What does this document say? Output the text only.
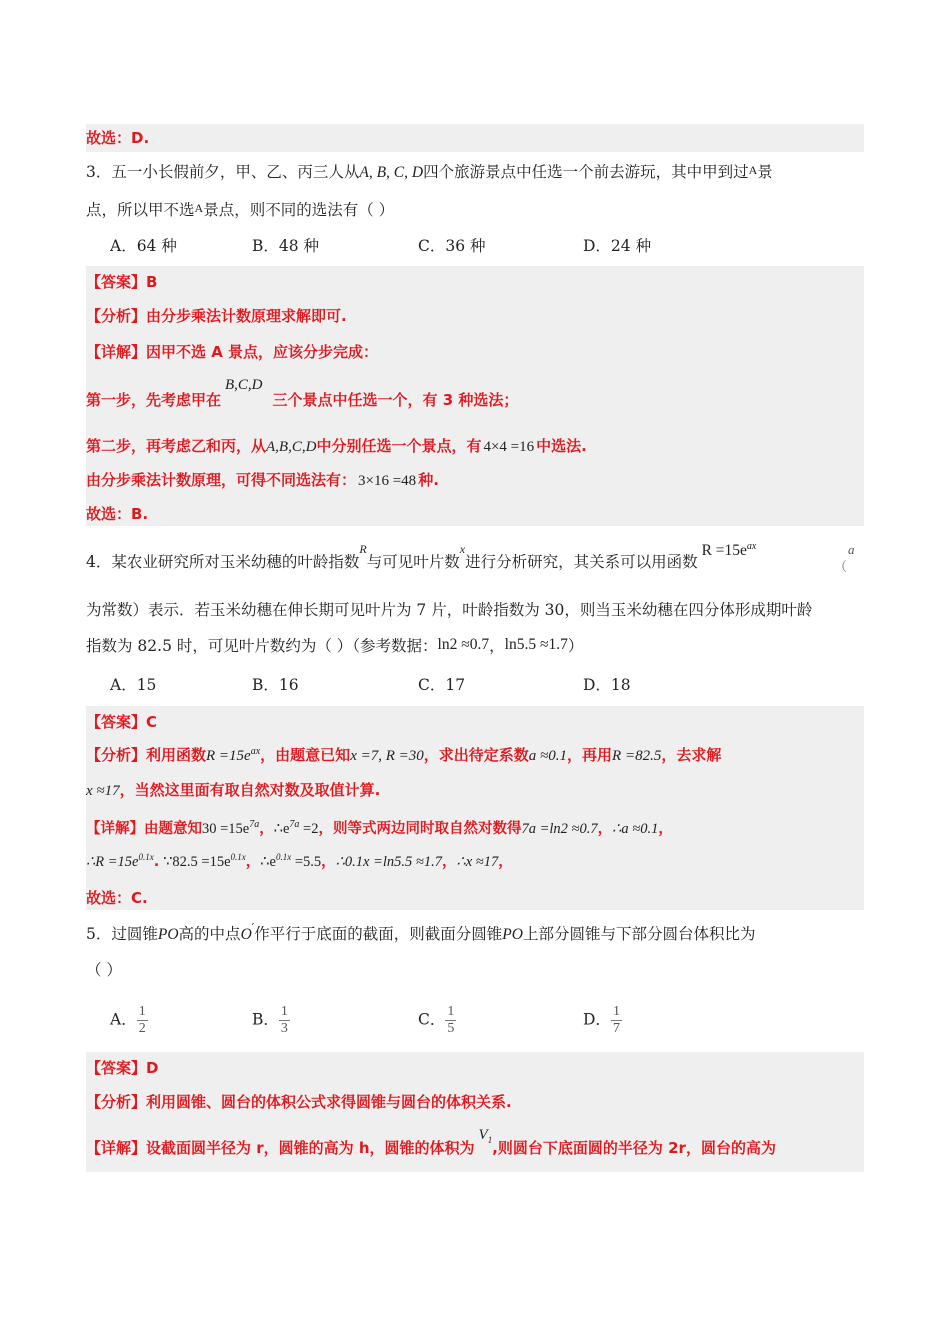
故选：D.
3．五一小长假前夕，甲、乙、丙三人从A, B, C, D四个旅游景点中任选一个前去游玩，其中甲到过A景
点，所以甲不选A景点，则不同的选法有（ ）
A．64 种	B．48 种	C．36 种	D．24 种
【答案】B
【分析】由分步乘法计数原理求解即可.
【详解】因甲不选 A 景点，应该分步完成：
第一步，先考虑甲在B,C,D三个景点中任选一个，有 3 种选法；
第二步，再考虑乙和丙，从A,B,C,D中分别任选一个景点，有 4×4 =16 中选法.
由分步乘法计数原理，可得不同选法有： 3×16 =48 种.
故选：B.
4．某农业研究所对玉米幼穗的叶龄指数$^R$与可见叶片数$^x$进行分析研究，其关系可以用函数$R =15e^{ax}$
（
a
为常数）表示．若玉米幼穗在伸长期可见叶片为 7 片，叶龄指数为 30，则当玉米幼穗在四分体形成期叶龄
指数为 82.5 时，可见叶片数约为（ ）（参考数据：ln2 ≈0.7，ln5.5 ≈1.7）
A．15	B．16	C．17	D．18
【答案】C
【分析】利用函数$R =15e^{ax}$，由题意已知x =7, R =30，求出待定系数a ≈0.1，再用R =82.5，去求解
x ≈17，当然这里面有取自然对数及取值计算.
【详解】由题意知$30 =15e^{7a}$，$\therefore e^{7a} =2$，则等式两边同时取自然对数得7a =ln2 ≈0.7，∴a ≈0.1，
∴R $=15e^{0.1x}$. ∵82.5 $=15e^{0.1x}$，$\therefore e^{0.1x} =5.5$，∴0.1x =ln5.5 ≈1.7，∴x ≈17，
故选：C.
5．过圆锥PO高的中点O′作平行于底面的截面，则截面分圆锥PO上部分圆锥与下部分圆台体积比为
（ ）
A． $\frac{1}{2}$	B． $\frac{1}{3}$	C． $\frac{1}{5}$	D． $\frac{1}{7}$
【答案】D
【分析】利用圆锥、圆台的体积公式求得圆锥与圆台的体积关系.
【详解】设截面圆半径为 r，圆锥的高为 h，圆锥的体积为$V_1$,则圆台下底面圆的半径为 2r，圆台的高为
